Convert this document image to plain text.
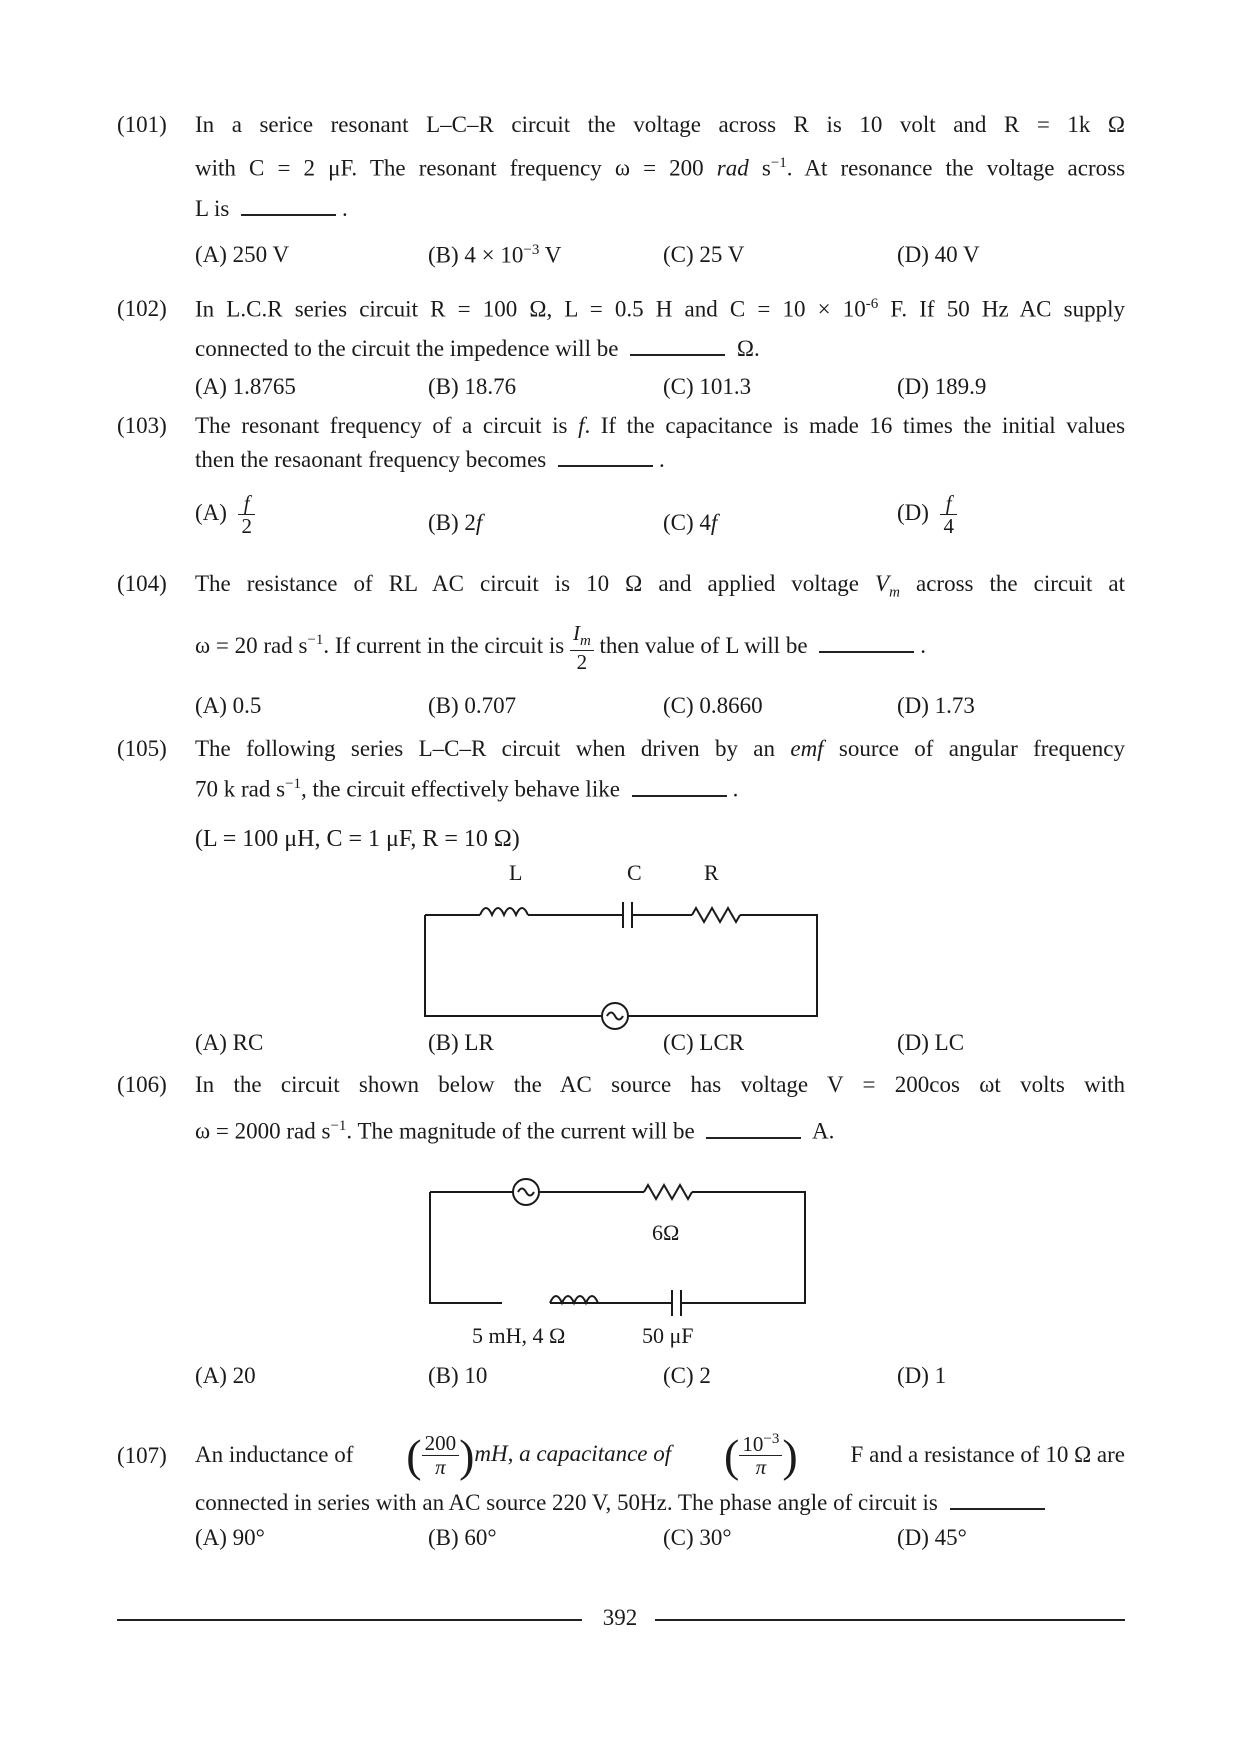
(101) In a serice resonant L–C–R circuit the voltage across R is 10 volt and R = 1k Ω
with C = 2 μF. The resonant frequency ω = 200 rad $s^{-1}$. At resonance the voltage across
L is	.
(A) 250 V	(B) $4 \times 10^{-3}$ V	(C) 25 V	(D) 40 V
(102) In L.C.R series circuit R = 100 Ω, L = 0.5 H and $C = 10 \times 10^{-6}$ F. If 50 Hz AC supply
connected to the circuit the impedence will be	Ω.
(A) 1.8765	(B) 18.76	(C) 101.3	(D) 189.9
(103) The resonant frequency of a circuit is f. If the capacitance is made 16 times the initial values
then the resaonant frequency becomes	.
$(A) \frac{f}{2}$	(B) 2f	(C) 4f	$(D) \frac{f}{4}$
(104) The resistance of RL AC circuit is 10 Ω and applied voltage $V_m$ across the circuit at
ω = 20 rad $s^{-1}$. If current in the circuit is $\frac{I_m}{2}$ then value of L will be	.
(A) 0.5	(B) 0.707	(C) 0.8660	(D) 1.73
(105) The following series L–C–R circuit when driven by an emf source of angular frequency
70 k rad $s^{-1}$, the circuit effectively behave like	.
(L = 100 μH, C = 1 μF, R = 10 Ω)
L	C	R
(A) RC	(B) LR	(C) LCR	(D) LC
(106) In the circuit shown below the AC source has voltage V = 200cos ωt volts with
ω = 2000 rad $s^{-1}$. The magnitude of the current will be	A.
6Ω
5 mH, 4 Ω	50 μF
(A) 20	(B) 10	(C) 2	(D) 1
(107) An inductance of ( $\frac{200}{\pi} )mH$, a capacitance of ( $\frac{10^{-3}}{\pi}$ ) F and a resistance of 10 Ω are
connected in series with an AC source 220 V, 50Hz. The phase angle of circuit is
(A) 90°	(B) 60°	(C) 30°	(D) 45°
392
